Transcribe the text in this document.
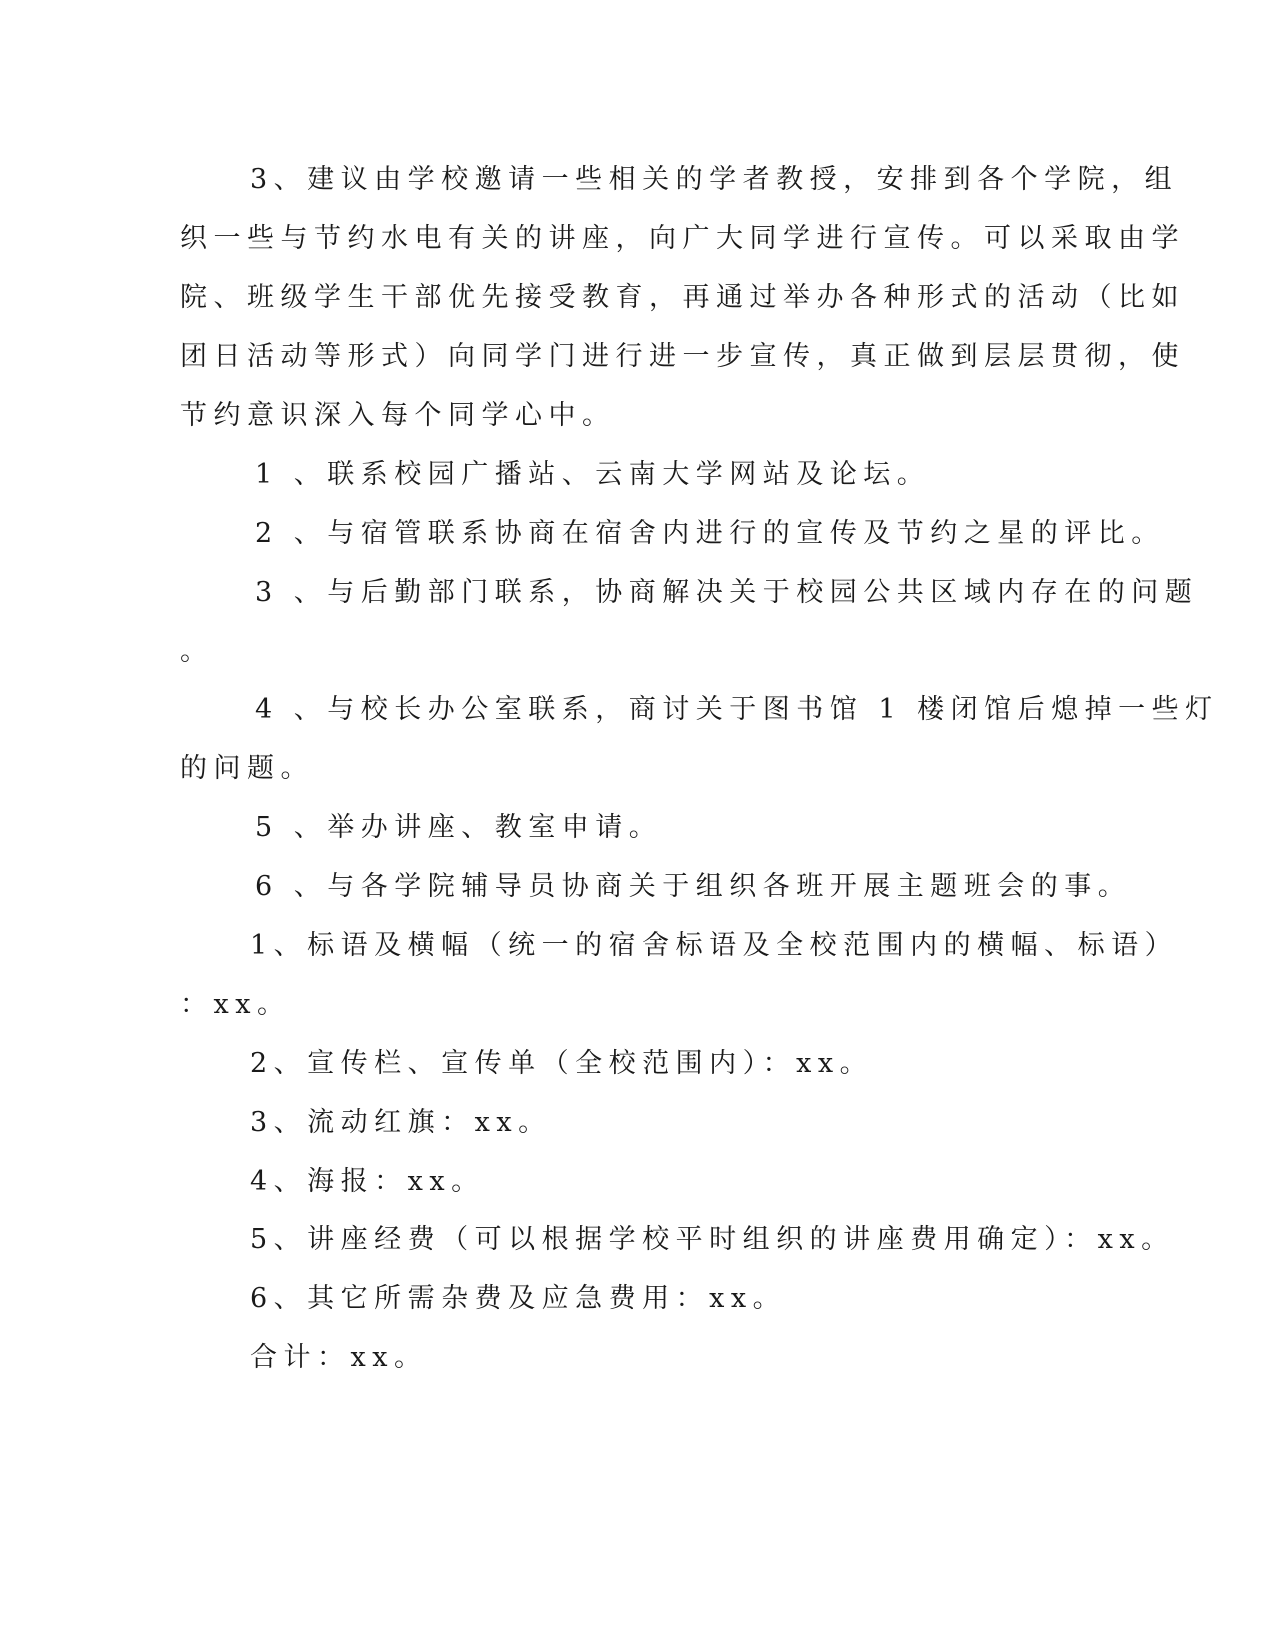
3、建议由学校邀请一些相关的学者教授，安排到各个学院，组
织一些与节约水电有关的讲座，向广大同学进行宣传。可以采取由学
院、班级学生干部优先接受教育，再通过举办各种形式的活动（比如
团日活动等形式）向同学门进行进一步宣传，真正做到层层贯彻，使
节约意识深入每个同学心中。
1 、联系校园广播站、云南大学网站及论坛。
2 、与宿管联系协商在宿舍内进行的宣传及节约之星的评比。
3 、与后勤部门联系，协商解决关于校园公共区域内存在的问题
。
4 、与校长办公室联系，商讨关于图书馆 1 楼闭馆后熄掉一些灯
的问题。
5 、举办讲座、教室申请。
6 、与各学院辅导员协商关于组织各班开展主题班会的事。
1、标语及横幅（统一的宿舍标语及全校范围内的横幅、标语）
：xx。
2、宣传栏、宣传单（全校范围内）：xx。
3、流动红旗：xx。
4、海报：xx。
5、讲座经费（可以根据学校平时组织的讲座费用确定）：xx。
6、其它所需杂费及应急费用：xx。
合计：xx。
